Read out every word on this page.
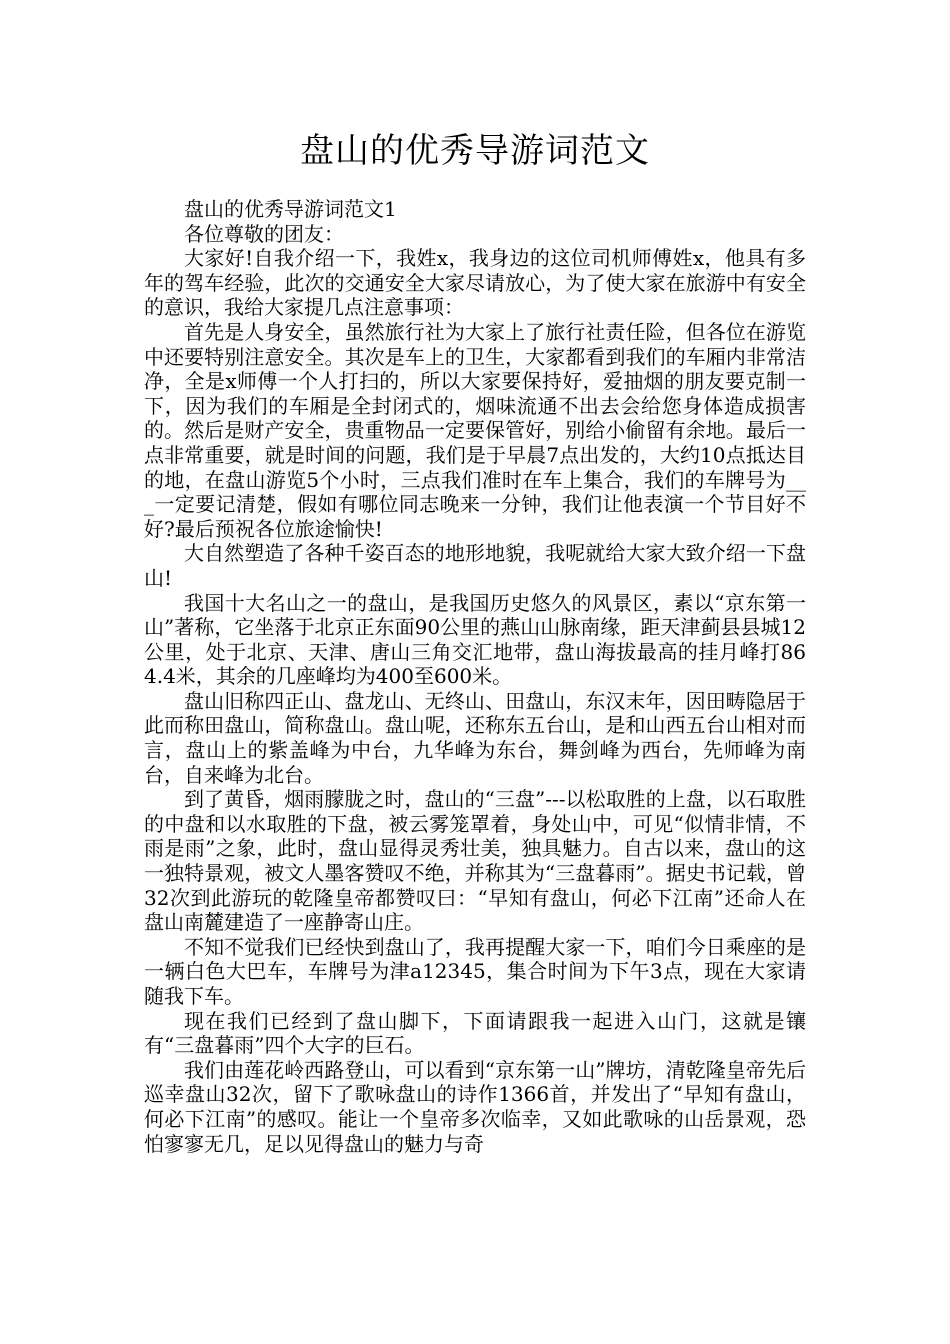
盘山的优秀导游词范文

盘山的优秀导游词范文1

各位尊敬的团友：

大家好!自我介绍一下，我姓x，我身边的这位司机师傅姓x，他具有多年的驾车经验，此次的交通安全大家尽请放心，为了使大家在旅游中有安全的意识，我给大家提几点注意事项：

首先是人身安全，虽然旅行社为大家上了旅行社责任险，但各位在游览中还要特别注意安全。其次是车上的卫生，大家都看到我们的车厢内非常洁净，全是x师傅一个人打扫的，所以大家要保持好，爱抽烟的朋友要克制一下，因为我们的车厢是全封闭式的，烟味流通不出去会给您身体造成损害的。然后是财产安全，贵重物品一定要保管好，别给小偷留有余地。最后一点非常重要，就是时间的问题，我们是于早晨7点出发的，大约10点抵达目的地，在盘山游览5个小时，三点我们准时在车上集合，我们的车牌号为___一定要记清楚，假如有哪位同志晚来一分钟，我们让他表演一个节目好不好?最后预祝各位旅途愉快!

大自然塑造了各种千姿百态的地形地貌，我呢就给大家大致介绍一下盘山!

我国十大名山之一的盘山，是我国历史悠久的风景区，素以“京东第一山”著称，它坐落于北京正东面90公里的燕山山脉南缘，距天津蓟县县城12公里，处于北京、天津、唐山三角交汇地带，盘山海拔最高的挂月峰打864.4米，其余的几座峰均为400至600米。

盘山旧称四正山、盘龙山、无终山、田盘山，东汉末年，因田畴隐居于此而称田盘山，简称盘山。盘山呢，还称东五台山，是和山西五台山相对而言，盘山上的紫盖峰为中台，九华峰为东台，舞剑峰为西台，先师峰为南台，自来峰为北台。

到了黄昏，烟雨朦胧之时，盘山的“三盘”---以松取胜的上盘，以石取胜的中盘和以水取胜的下盘，被云雾笼罩着，身处山中，可见“似情非情，不雨是雨”之象，此时，盘山显得灵秀壮美，独具魅力。自古以来，盘山的这一独特景观，被文人墨客赞叹不绝，并称其为“三盘暮雨”。据史书记载，曾32次到此游玩的乾隆皇帝都赞叹曰：“早知有盘山，何必下江南”还命人在盘山南麓建造了一座静寄山庄。

不知不觉我们已经快到盘山了，我再提醒大家一下，咱们今日乘座的是一辆白色大巴车，车牌号为津a12345，集合时间为下午3点，现在大家请随我下车。

现在我们已经到了盘山脚下，下面请跟我一起进入山门，这就是镶有“三盘暮雨”四个大字的巨石。

我们由莲花岭西路登山，可以看到“京东第一山”牌坊，清乾隆皇帝先后巡幸盘山32次，留下了歌咏盘山的诗作1366首，并发出了“早知有盘山，何必下江南”的感叹。能让一个皇帝多次临幸，又如此歌咏的山岳景观，恐怕寥寥无几，足以见得盘山的魅力与奇
